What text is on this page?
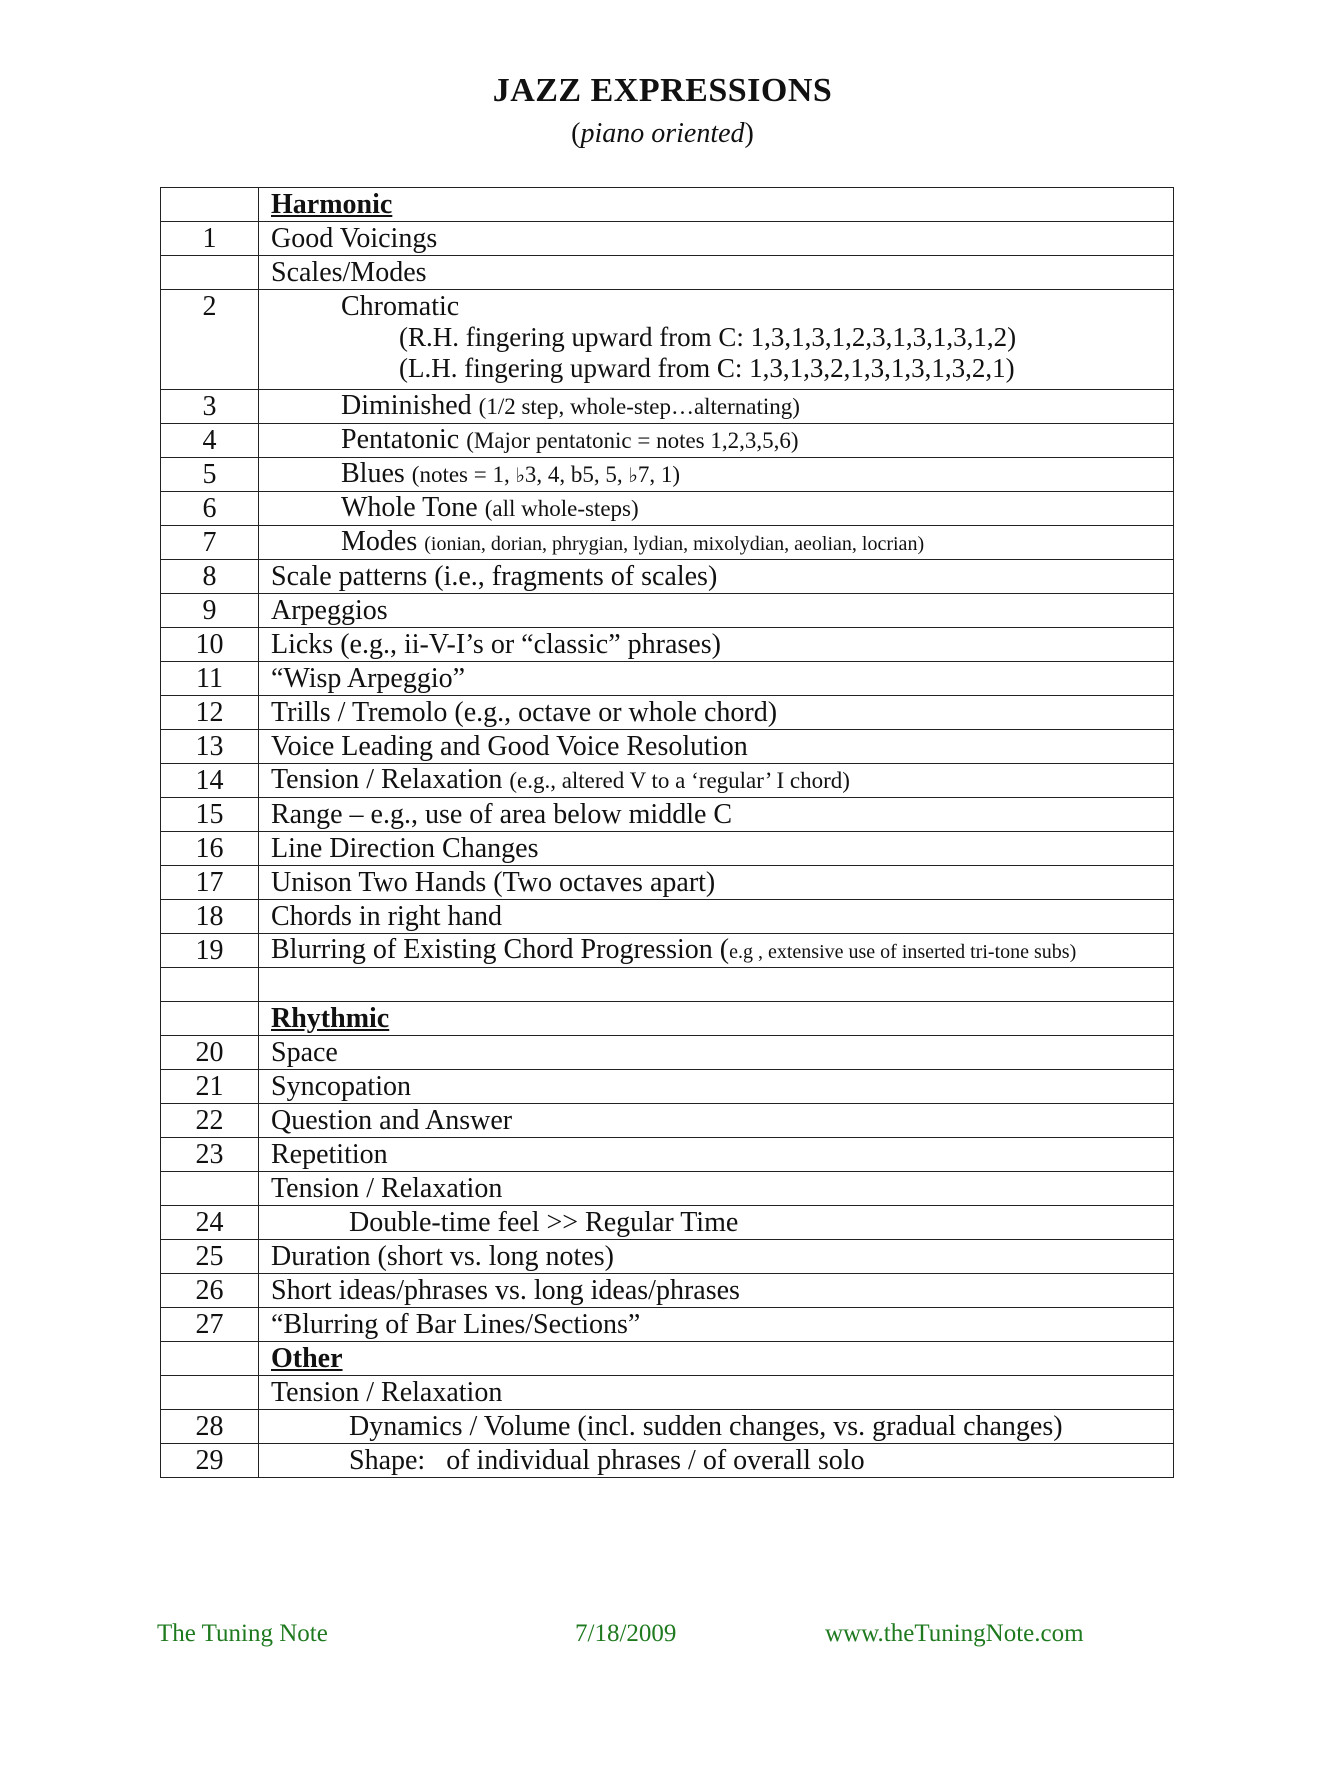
JAZZ EXPRESSIONS
(piano oriented)
	Harmonic
1	Good Voicings
	Scales/Modes
2	Chromatic
(R.H. fingering upward from C: 1,3,1,3,1,2,3,1,3,1,3,1,2)
(L.H. fingering upward from C: 1,3,1,3,2,1,3,1,3,1,3,2,1)

3	Diminished (1/2 step, whole-step…alternating)
4	Pentatonic (Major pentatonic = notes 1,2,3,5,6)
5	Blues (notes = 1, ♭3, 4, b5, 5, ♭7, 1)
6	Whole Tone (all whole-steps)
7	Modes (ionian, dorian, phrygian, lydian, mixolydian, aeolian, locrian)
8	Scale patterns (i.e., fragments of scales)
9	Arpeggios
10	Licks (e.g., ii-V-I’s or “classic” phrases)
11	“Wisp Arpeggio”
12	Trills / Tremolo (e.g., octave or whole chord)
13	Voice Leading and Good Voice Resolution
14	Tension / Relaxation (e.g., altered V to a ‘regular’ I chord)
15	Range – e.g., use of area below middle C
16	Line Direction Changes
17	Unison Two Hands (Two octaves apart)
18	Chords in right hand
19	Blurring of Existing Chord Progression (e.g , extensive use of inserted tri-tone subs)

	Rhythmic
20	Space
21	Syncopation
22	Question and Answer
23	Repetition
	Tension / Relaxation
24	Double-time feel >> Regular Time
25	Duration (short vs. long notes)
26	Short ideas/phrases vs. long ideas/phrases
27	“Blurring of Bar Lines/Sections”
	Other
	Tension / Relaxation
28	Dynamics / Volume (incl. sudden changes, vs. gradual changes)
29	Shape:   of individual phrases / of overall solo
The Tuning Note	7/18/2009	www.theTuningNote.com
